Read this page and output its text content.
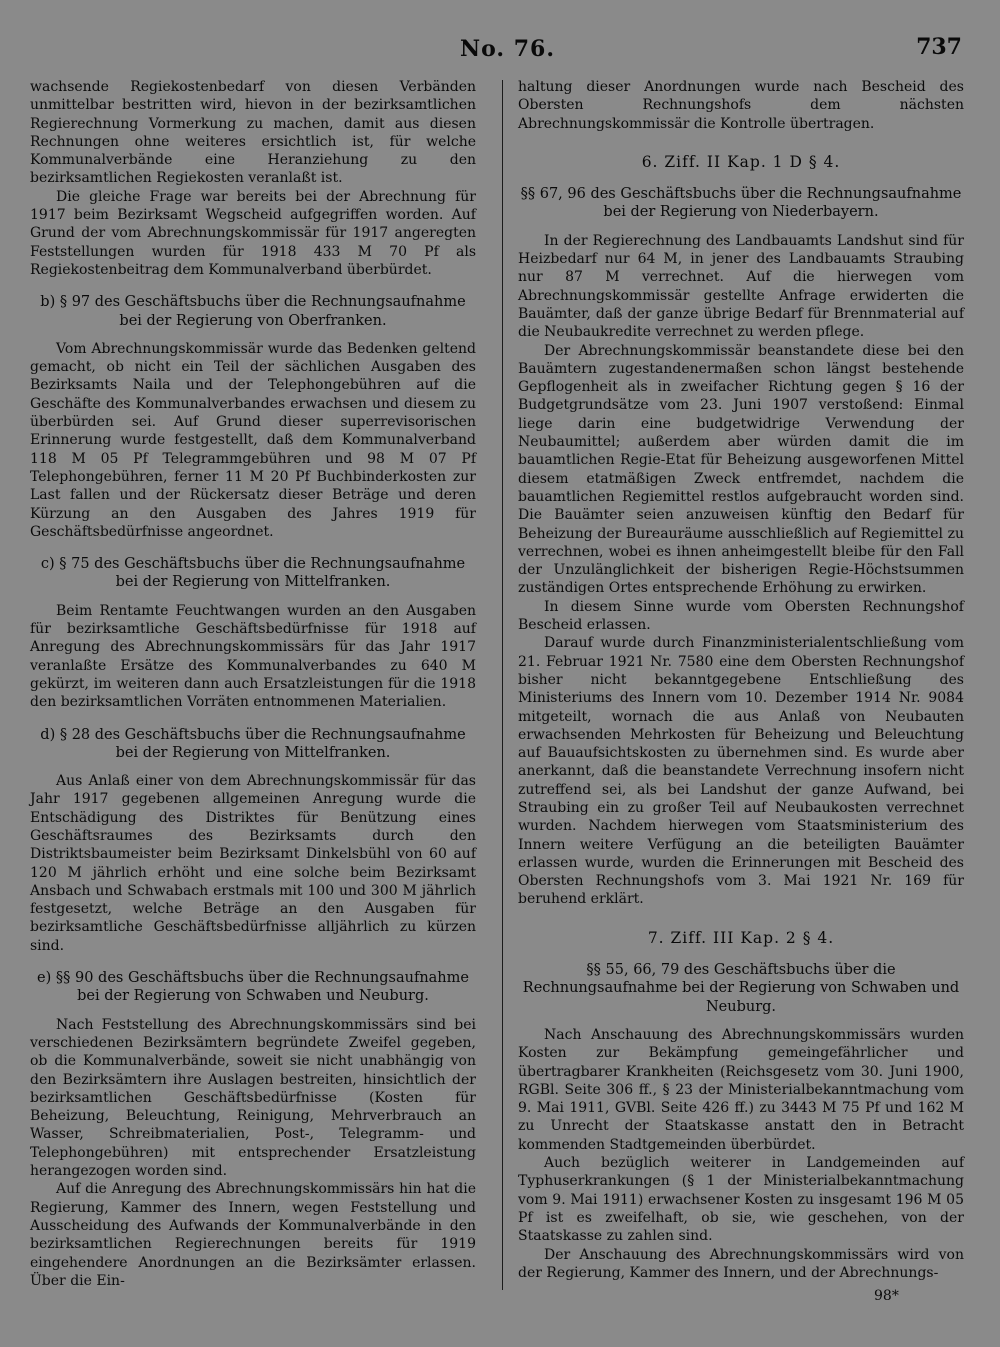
No. 76.	737

wachsende Regiekostenbedarf von diesen Verbänden unmittelbar bestritten wird, hievon in der bezirksamtlichen Regierechnung Vormerkung zu machen, damit aus diesen Rechnungen ohne weiteres ersichtlich ist, für welche Kommunalverbände eine Heranziehung zu den bezirksamtlichen Regiekosten veranlaßt ist.

Die gleiche Frage war bereits bei der Abrechnung für 1917 beim Bezirksamt Wegscheid aufgegriffen worden. Auf Grund der vom Abrechnungskommissär für 1917 angeregten Feststellungen wurden für 1918 433 M 70 Pf als Regiekostenbeitrag dem Kommunalverband überbürdet.

b) § 97 des Geschäftsbuchs über die Rechnungsaufnahme bei der Regierung von Oberfranken.

Vom Abrechnungskommissär wurde das Bedenken geltend gemacht, ob nicht ein Teil der sächlichen Ausgaben des Bezirksamts Naila und der Telephongebühren auf die Geschäfte des Kommunalverbandes erwachsen und diesem zu überbürden sei. Auf Grund dieser superrevisorischen Erinnerung wurde festgestellt, daß dem Kommunalverband 118 M 05 Pf Telegrammgebühren und 98 M 07 Pf Telephongebühren, ferner 11 M 20 Pf Buchbinderkosten zur Last fallen und der Rückersatz dieser Beträge und deren Kürzung an den Ausgaben des Jahres 1919 für Geschäftsbedürfnisse angeordnet.

c) § 75 des Geschäftsbuchs über die Rechnungsaufnahme bei der Regierung von Mittelfranken.

Beim Rentamte Feuchtwangen wurden an den Ausgaben für bezirksamtliche Geschäftsbedürfnisse für 1918 auf Anregung des Abrechnungskommissärs für das Jahr 1917 veranlaßte Ersätze des Kommunalverbandes zu 640 M gekürzt, im weiteren dann auch Ersatzleistungen für die 1918 den bezirksamtlichen Vorräten entnommenen Materialien.

d) § 28 des Geschäftsbuchs über die Rechnungsaufnahme bei der Regierung von Mittelfranken.

Aus Anlaß einer von dem Abrechnungskommissär für das Jahr 1917 gegebenen allgemeinen Anregung wurde die Entschädigung des Distriktes für Benützung eines Geschäftsraumes des Bezirksamts durch den Distriktsbaumeister beim Bezirksamt Dinkelsbühl von 60 auf 120 M jährlich erhöht und eine solche beim Bezirksamt Ansbach und Schwabach erstmals mit 100 und 300 M jährlich festgesetzt, welche Beträge an den Ausgaben für bezirksamtliche Geschäftsbedürfnisse alljährlich zu kürzen sind.

e) §§ 90 des Geschäftsbuchs über die Rechnungsaufnahme bei der Regierung von Schwaben und Neuburg.

Nach Feststellung des Abrechnungskommissärs sind bei verschiedenen Bezirksämtern begründete Zweifel gegeben, ob die Kommunalverbände, soweit sie nicht unabhängig von den Bezirksämtern ihre Auslagen bestreiten, hinsichtlich der bezirksamtlichen Geschäftsbedürfnisse (Kosten für Beheizung, Beleuchtung, Reinigung, Mehrverbrauch an Wasser, Schreibmaterialien, Post-, Telegramm- und Telephongebühren) mit entsprechender Ersatzleistung herangezogen worden sind.

Auf die Anregung des Abrechnungskommissärs hin hat die Regierung, Kammer des Innern, wegen Feststellung und Ausscheidung des Aufwands der Kommunalverbände in den bezirksamtlichen Regierechnungen bereits für 1919 eingehendere Anordnungen an die Bezirksämter erlassen. Über die Ein-

haltung dieser Anordnungen wurde nach Bescheid des Obersten Rechnungshofs dem nächsten Abrechnungskommissär die Kontrolle übertragen.

6. Ziff. II Kap. 1 D § 4.
§§ 67, 96 des Geschäftsbuchs über die Rechnungsaufnahme bei der Regierung von Niederbayern.

In der Regierechnung des Landbauamts Landshut sind für Heizbedarf nur 64 M, in jener des Landbauamts Straubing nur 87 M verrechnet. Auf die hierwegen vom Abrechnungskommissär gestellte Anfrage erwiderten die Bauämter, daß der ganze übrige Bedarf für Brennmaterial auf die Neubaukredite verrechnet zu werden pflege.

Der Abrechnungskommissär beanstandete diese bei den Bauämtern zugestandenermaßen schon längst bestehende Gepflogenheit als in zweifacher Richtung gegen § 16 der Budgetgrundsätze vom 23. Juni 1907 verstoßend: Einmal liege darin eine budgetwidrige Verwendung der Neubaumittel; außerdem aber würden damit die im bauamtlichen Regie-Etat für Beheizung ausgeworfenen Mittel diesem etatmäßigen Zweck entfremdet, nachdem die bauamtlichen Regiemittel restlos aufgebraucht worden sind. Die Bauämter seien anzuweisen künftig den Bedarf für Beheizung der Bureauräume ausschließlich auf Regiemittel zu verrechnen, wobei es ihnen anheimgestellt bleibe für den Fall der Unzulänglichkeit der bisherigen Regie-Höchstsummen zuständigen Ortes entsprechende Erhöhung zu erwirken.

In diesem Sinne wurde vom Obersten Rechnungshof Bescheid erlassen.

Darauf wurde durch Finanzministerialentschließung vom 21. Februar 1921 Nr. 7580 eine dem Obersten Rechnungshof bisher nicht bekanntgegebene Entschließung des Ministeriums des Innern vom 10. Dezember 1914 Nr. 9084 mitgeteilt, wornach die aus Anlaß von Neubauten erwachsenden Mehrkosten für Beheizung und Beleuchtung auf Bauaufsichtskosten zu übernehmen sind. Es wurde aber anerkannt, daß die beanstandete Verrechnung insofern nicht zutreffend sei, als bei Landshut der ganze Aufwand, bei Straubing ein zu großer Teil auf Neubaukosten verrechnet wurden. Nachdem hierwegen vom Staatsministerium des Innern weitere Verfügung an die beteiligten Bauämter erlassen wurde, wurden die Erinnerungen mit Bescheid des Obersten Rechnungshofs vom 3. Mai 1921 Nr. 169 für beruhend erklärt.

7. Ziff. III Kap. 2 § 4.
§§ 55, 66, 79 des Geschäftsbuchs über die Rechnungsaufnahme bei der Regierung von Schwaben und Neuburg.

Nach Anschauung des Abrechnungskommissärs wurden Kosten zur Bekämpfung gemeingefährlicher und übertragbarer Krankheiten (Reichsgesetz vom 30. Juni 1900, RGBl. Seite 306 ff., § 23 der Ministerialbekanntmachung vom 9. Mai 1911, GVBl. Seite 426 ff.) zu 3443 M 75 Pf und 162 M zu Unrecht der Staatskasse anstatt den in Betracht kommenden Stadtgemeinden überbürdet.

Auch bezüglich weiterer in Landgemeinden auf Typhuserkrankungen (§ 1 der Ministerialbekanntmachung vom 9. Mai 1911) erwachsener Kosten zu insgesamt 196 M 05 Pf ist es zweifelhaft, ob sie, wie geschehen, von der Staatskasse zu zahlen sind.

Der Anschauung des Abrechnungskommissärs wird von der Regierung, Kammer des Innern, und der Abrechnungs-

98*
